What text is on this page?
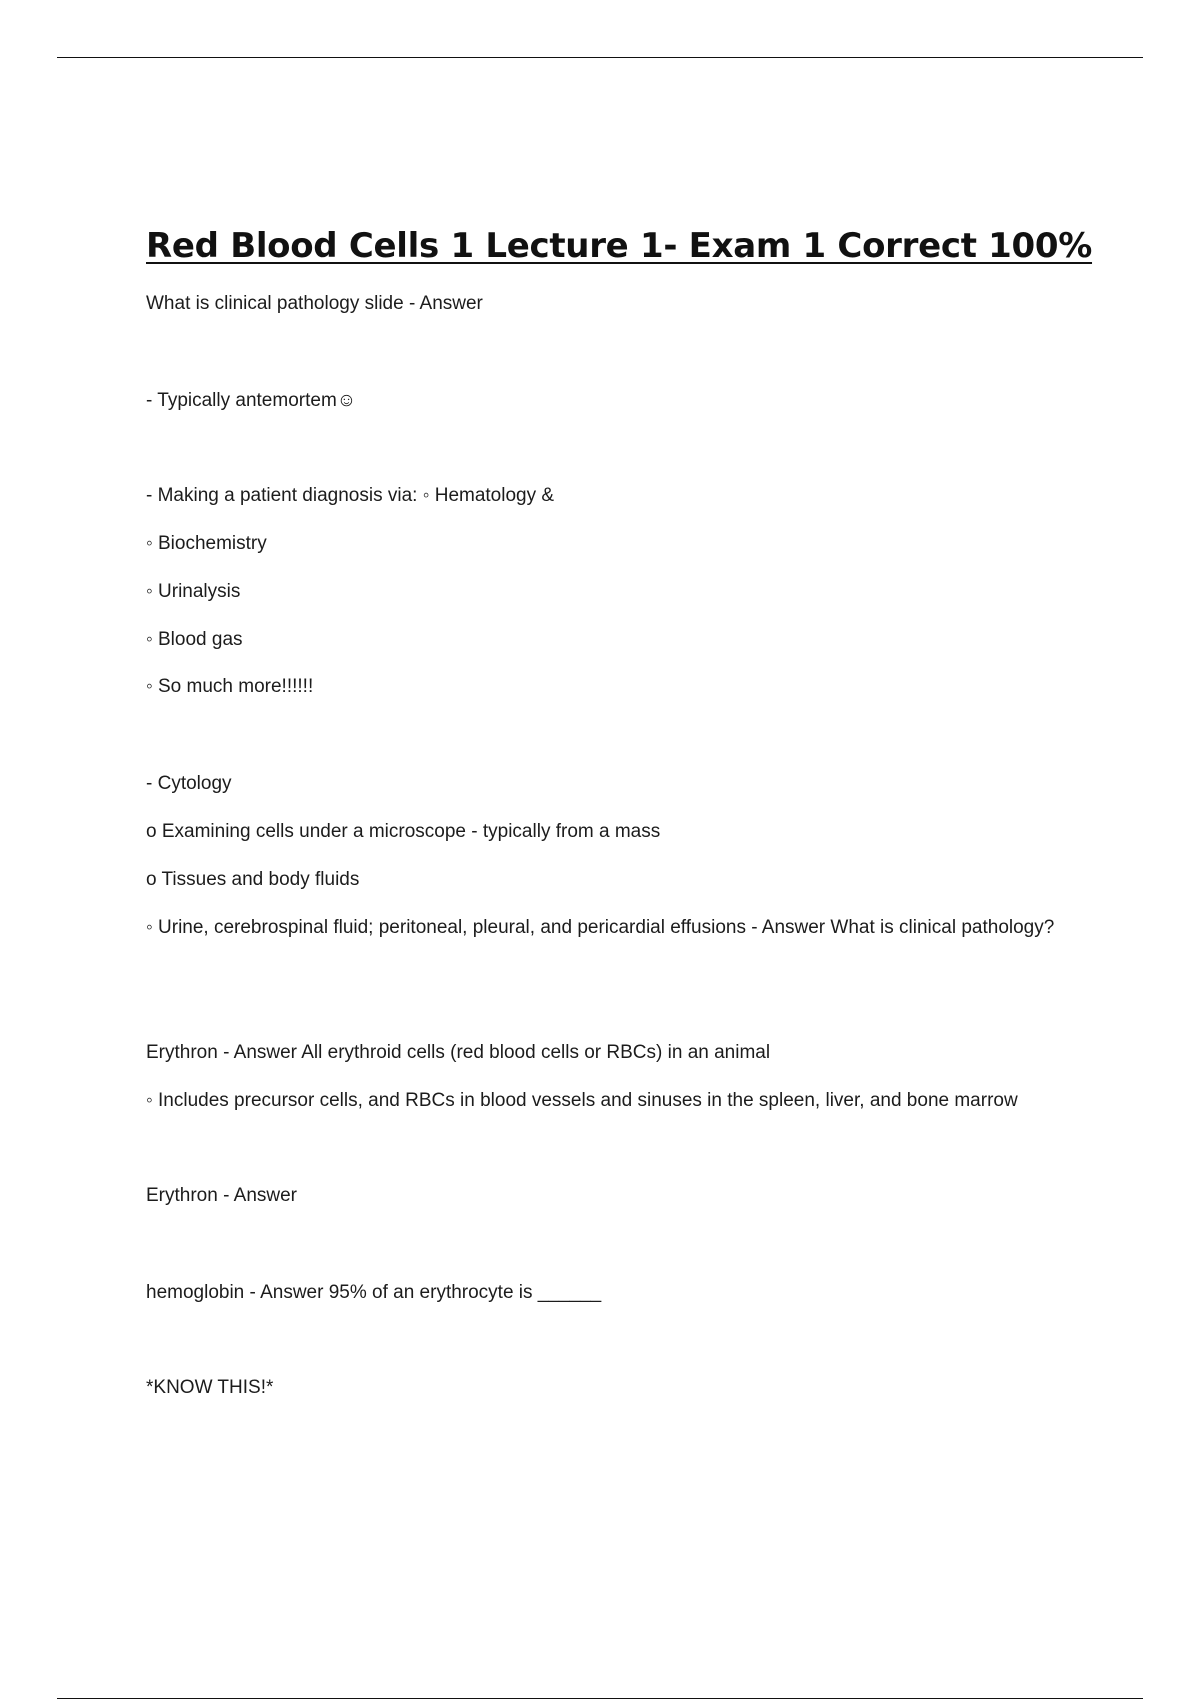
Red Blood Cells 1 Lecture 1- Exam 1 Correct 100%

What is clinical pathology slide - Answer

- Typically antemortem☺

- Making a patient diagnosis via: ◦ Hematology &

◦ Biochemistry

◦ Urinalysis

◦ Blood gas

◦ So much more!!!!!!

- Cytology

o Examining cells under a microscope - typically from a mass

o Tissues and body fluids

◦ Urine, cerebrospinal fluid; peritoneal, pleural, and pericardial effusions - Answer What is clinical pathology?

Erythron - Answer All erythroid cells (red blood cells or RBCs) in an animal

◦ Includes precursor cells, and RBCs in blood vessels and sinuses in the spleen, liver, and bone marrow

Erythron - Answer

hemoglobin - Answer 95% of an erythrocyte is ______

*KNOW THIS!*
